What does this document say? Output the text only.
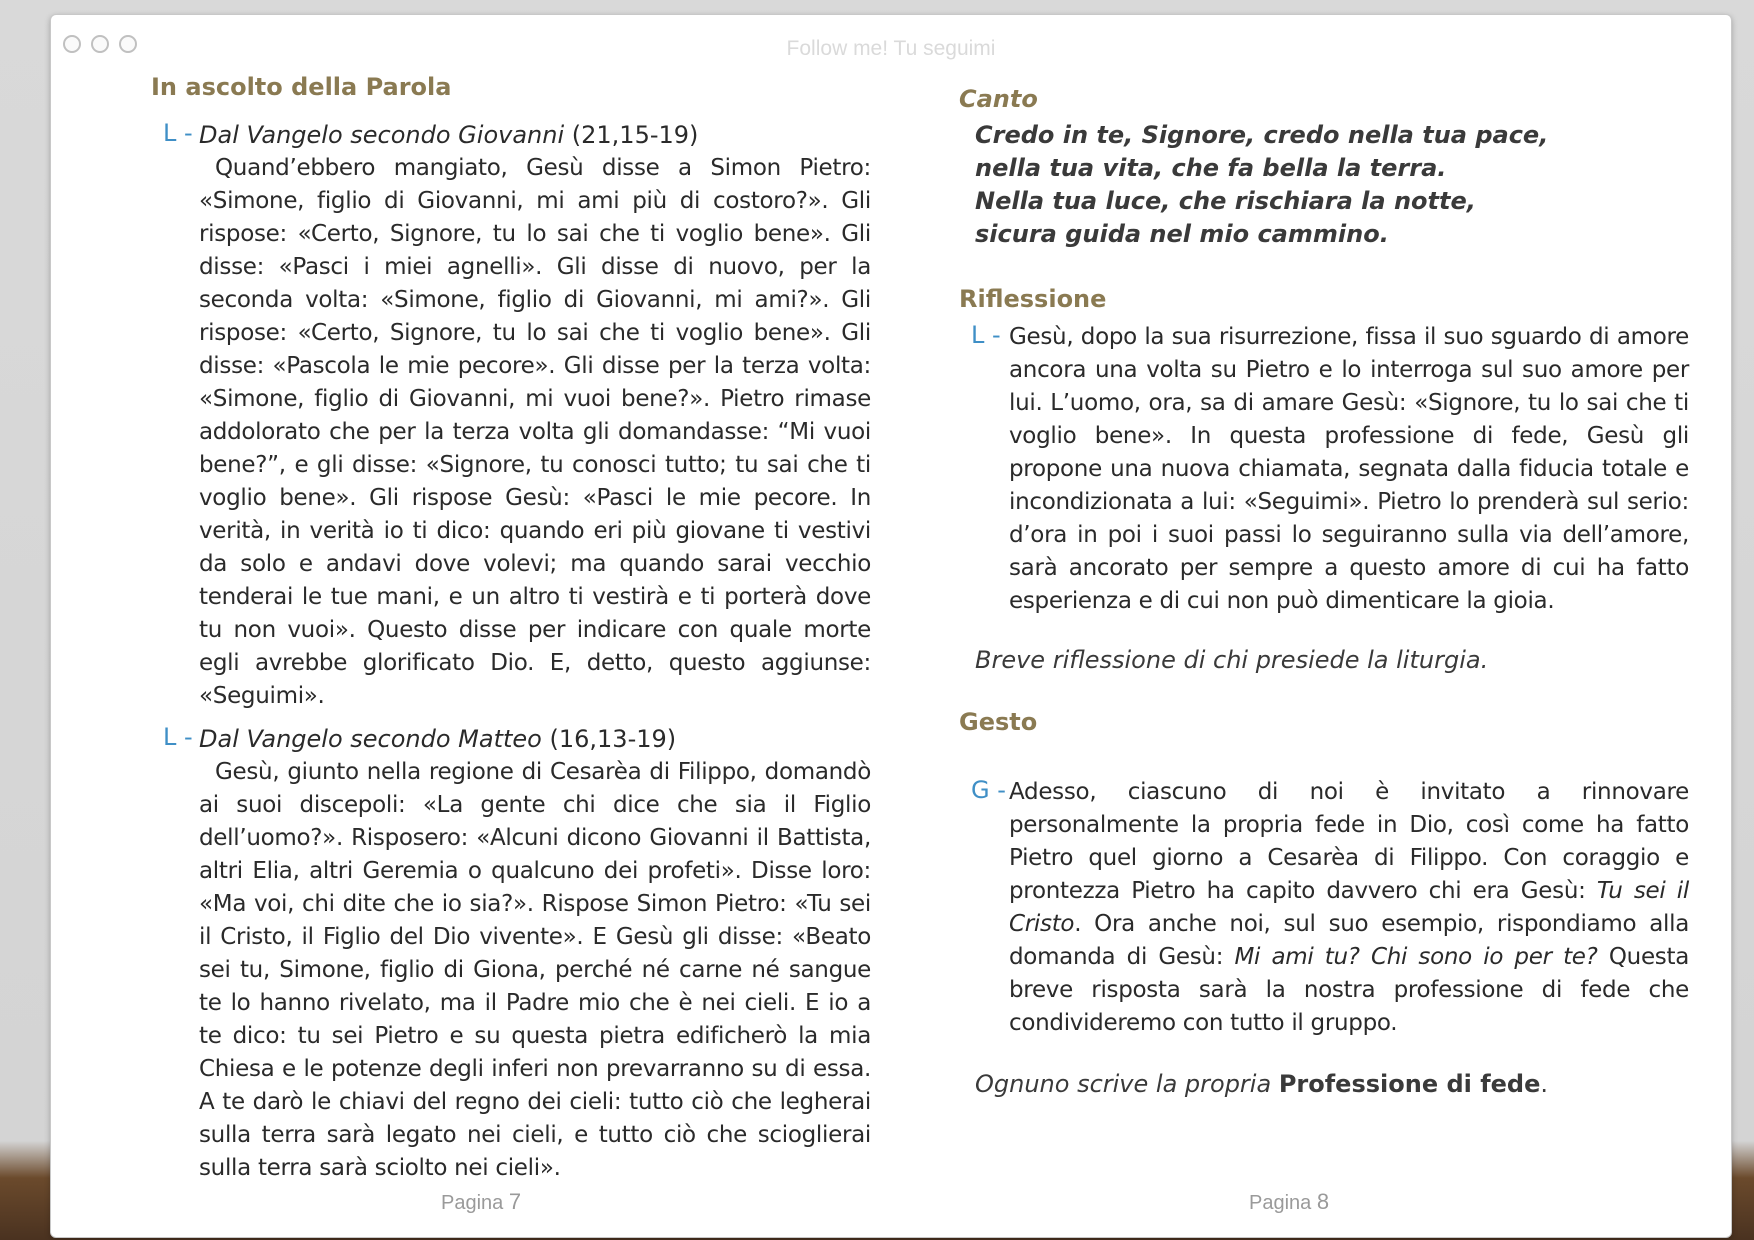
Follow me! Tu seguimi
In ascolto della Parola
L - Dal Vangelo secondo Giovanni (21,15-19)

Quand’ebbero mangiato, Gesù disse a Simon Pietro: «Simone, figlio di Giovanni, mi ami più di costoro?». Gli rispose: «Certo, Signore, tu lo sai che ti voglio bene». Gli disse: «Pasci i miei agnelli». Gli disse di nuovo, per la seconda volta: «Simone, figlio di Giovanni, mi ami?». Gli rispose: «Certo, Signore, tu lo sai che ti voglio bene». Gli disse: «Pascola le mie pecore». Gli disse per la terza volta: «Simone, figlio di Giovanni, mi vuoi bene?». Pietro rimase addolorato che per la terza volta gli domandasse: “Mi vuoi bene?”, e gli disse: «Signore, tu conosci tutto; tu sai che ti voglio bene». Gli rispose Gesù: «Pasci le mie pecore. In verità, in verità io ti dico: quando eri più giovane ti vestivi da solo e andavi dove volevi; ma quando sarai vecchio tenderai le tue mani, e un altro ti vestirà e ti porterà dove tu non vuoi». Questo disse per indicare con quale morte egli avrebbe glorificato Dio. E, detto, questo aggiunse: «Seguimi».

L - Dal Vangelo secondo Matteo (16,13-19)

Gesù, giunto nella regione di Cesarèa di Filippo, domandò ai suoi discepoli: «La gente chi dice che sia il Figlio dell’uomo?». Risposero: «Alcuni dicono Giovanni il Battista, altri Elia, altri Geremia o qualcuno dei profeti». Disse loro: «Ma voi, chi dite che io sia?». Rispose Simon Pietro: «Tu sei il Cristo, il Figlio del Dio vivente». E Gesù gli disse: «Beato sei tu, Simone, figlio di Giona, perché né carne né sangue te lo hanno rivelato, ma il Padre mio che è nei cieli. E io a te dico: tu sei Pietro e su questa pietra edificherò la mia Chiesa e le potenze degli inferi non prevarranno su di essa. A te darò le chiavi del regno dei cieli: tutto ciò che legherai sulla terra sarà legato nei cieli, e tutto ciò che scioglierai sulla terra sarà sciolto nei cieli».

Pagina 7
Canto
Credo in te, Signore, credo nella tua pace,
nella tua vita, che fa bella la terra.
Nella tua luce, che rischiara la notte,
sicura guida nel mio cammino.
Riflessione
L - Gesù, dopo la sua risurrezione, fissa il suo sguardo di amore ancora una volta su Pietro e lo interroga sul suo amore per lui. L’uomo, ora, sa di amare Gesù: «Signore, tu lo sai che ti voglio bene». In questa professione di fede, Gesù gli propone una nuova chiamata, segnata dalla fiducia totale e incondizionata a lui: «Seguimi». Pietro lo prenderà sul serio: d’ora in poi i suoi passi lo seguiranno sulla via dell’amore, sarà ancorato per sempre a questo amore di cui ha fatto esperienza e di cui non può dimenticare la gioia.

Breve riflessione di chi presiede la liturgia.
Gesto
G - Adesso, ciascuno di noi è invitato a rinnovare personalmente la propria fede in Dio, così come ha fatto Pietro quel giorno a Cesarèa di Filippo. Con coraggio e prontezza Pietro ha capito davvero chi era Gesù: Tu sei il Cristo. Ora anche noi, sul suo esempio, rispondiamo alla domanda di Gesù: Mi ami tu? Chi sono io per te? Questa breve risposta sarà la nostra professione di fede che condivideremo con tutto il gruppo.

Ognuno scrive la propria Professione di fede.
Pagina 8
